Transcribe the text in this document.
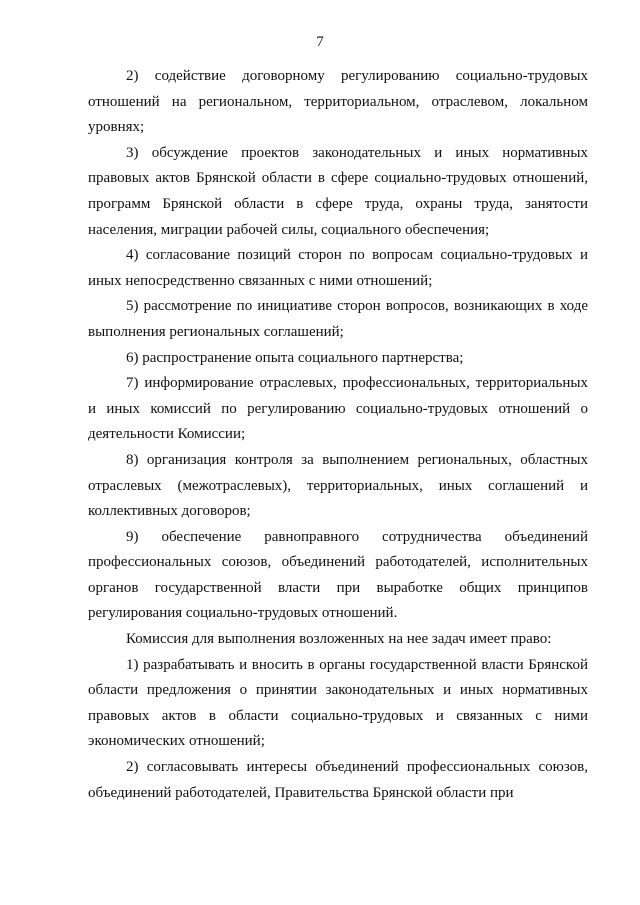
7

2) содействие договорному регулированию социально-трудовых отношений на региональном, территориальном, отраслевом, локальном уровнях;

3) обсуждение проектов законодательных и иных нормативных правовых актов Брянской области в сфере социально-трудовых отношений, программ Брянской области в сфере труда, охраны труда, занятости населения, миграции рабочей силы, социального обеспечения;

4) согласование позиций сторон по вопросам социально-трудовых и иных непосредственно связанных с ними отношений;

5) рассмотрение по инициативе сторон вопросов, возникающих в ходе выполнения региональных соглашений;

6) распространение опыта социального партнерства;

7) информирование отраслевых, профессиональных, территориальных и иных комиссий по регулированию социально-трудовых отношений о деятельности Комиссии;

8) организация контроля за выполнением региональных, областных отраслевых (межотраслевых), территориальных, иных соглашений и коллективных договоров;

9) обеспечение равноправного сотрудничества объединений профессиональных союзов, объединений работодателей, исполнительных органов государственной власти при выработке общих принципов регулирования социально-трудовых отношений.

Комиссия для выполнения возложенных на нее задач имеет право:

1) разрабатывать и вносить в органы государственной власти Брянской области предложения о принятии законодательных и иных нормативных правовых актов в области социально-трудовых и связанных с ними экономических отношений;

2) согласовывать интересы объединений профессиональных союзов, объединений работодателей, Правительства Брянской области при
